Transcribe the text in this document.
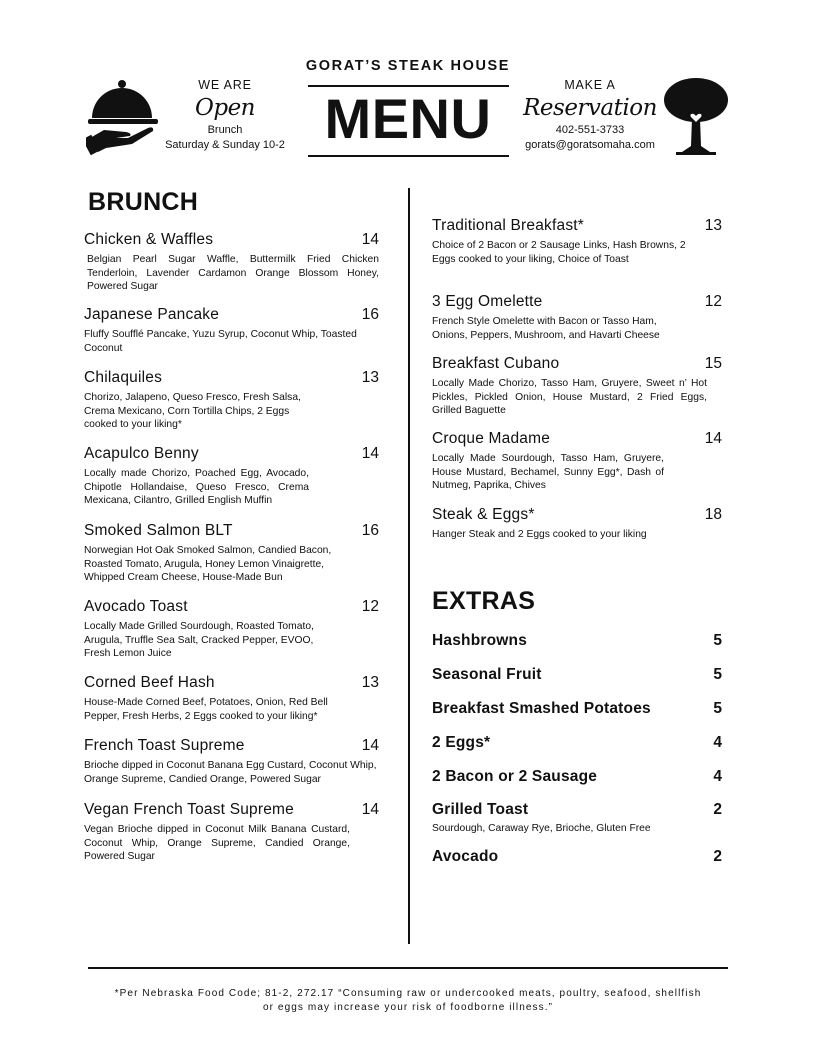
WE ARE
Open
Brunch
Saturday & Sunday 10-2
GORAT’S STEAK HOUSE
MENU
MAKE A
Reservation
402-551-3733
gorats@goratsomaha.com
BRUNCH
Chicken & Waffles	14
Belgian Pearl Sugar Waffle, Buttermilk Fried Chicken Tenderloin, Lavender Cardamon Orange Blossom Honey, Powered Sugar
Japanese Pancake	16
Fluffy Soufflé Pancake, Yuzu Syrup, Coconut Whip, Toasted Coconut
Chilaquiles	13
Chorizo, Jalapeno, Queso Fresco, Fresh Salsa, Crema Mexicano, Corn Tortilla Chips, 2 Eggs cooked to your liking*
Acapulco Benny	14
Locally made Chorizo, Poached Egg, Avocado, Chipotle Hollandaise, Queso Fresco, Crema Mexicana, Cilantro, Grilled English Muffin
Smoked Salmon BLT	16
Norwegian Hot Oak Smoked Salmon, Candied Bacon, Roasted Tomato, Arugula, Honey Lemon Vinaigrette, Whipped Cream Cheese, House-Made Bun
Avocado Toast	12
Locally Made Grilled Sourdough, Roasted Tomato, Arugula, Truffle Sea Salt, Cracked Pepper, EVOO, Fresh Lemon Juice
Corned Beef Hash	13
House-Made Corned Beef, Potatoes, Onion, Red Bell Pepper, Fresh Herbs, 2 Eggs cooked to your liking*
French Toast Supreme	14
Brioche dipped in Coconut Banana Egg Custard, Coconut Whip, Orange Supreme, Candied Orange, Powered Sugar
Vegan French Toast Supreme	14
Vegan Brioche dipped in Coconut Milk Banana Custard, Coconut Whip, Orange Supreme, Candied Orange, Powered Sugar
Traditional Breakfast*	13
Choice of 2 Bacon or 2 Sausage Links, Hash Browns, 2 Eggs cooked to your liking, Choice of Toast
3 Egg Omelette	12
French Style Omelette with Bacon or Tasso Ham, Onions, Peppers, Mushroom, and Havarti Cheese
Breakfast Cubano	15
Locally Made Chorizo, Tasso Ham, Gruyere, Sweet n’ Hot Pickles, Pickled Onion, House Mustard, 2 Fried Eggs, Grilled Baguette
Croque Madame	14
Locally Made Sourdough, Tasso Ham, Gruyere, House Mustard, Bechamel, Sunny Egg*, Dash of Nutmeg, Paprika, Chives
Steak & Eggs*	18
Hanger Steak and 2 Eggs cooked to your liking
EXTRAS
Hashbrowns	5
Seasonal Fruit	5
Breakfast Smashed Potatoes	5
2 Eggs*	4
2 Bacon or 2 Sausage	4
Grilled Toast	2
Sourdough, Caraway Rye, Brioche, Gluten Free
Avocado	2
*Per Nebraska Food Code; 81-2, 272.17 “Consuming raw or undercooked meats, poultry, seafood, shellfish
or eggs may increase your risk of foodborne illness.”
